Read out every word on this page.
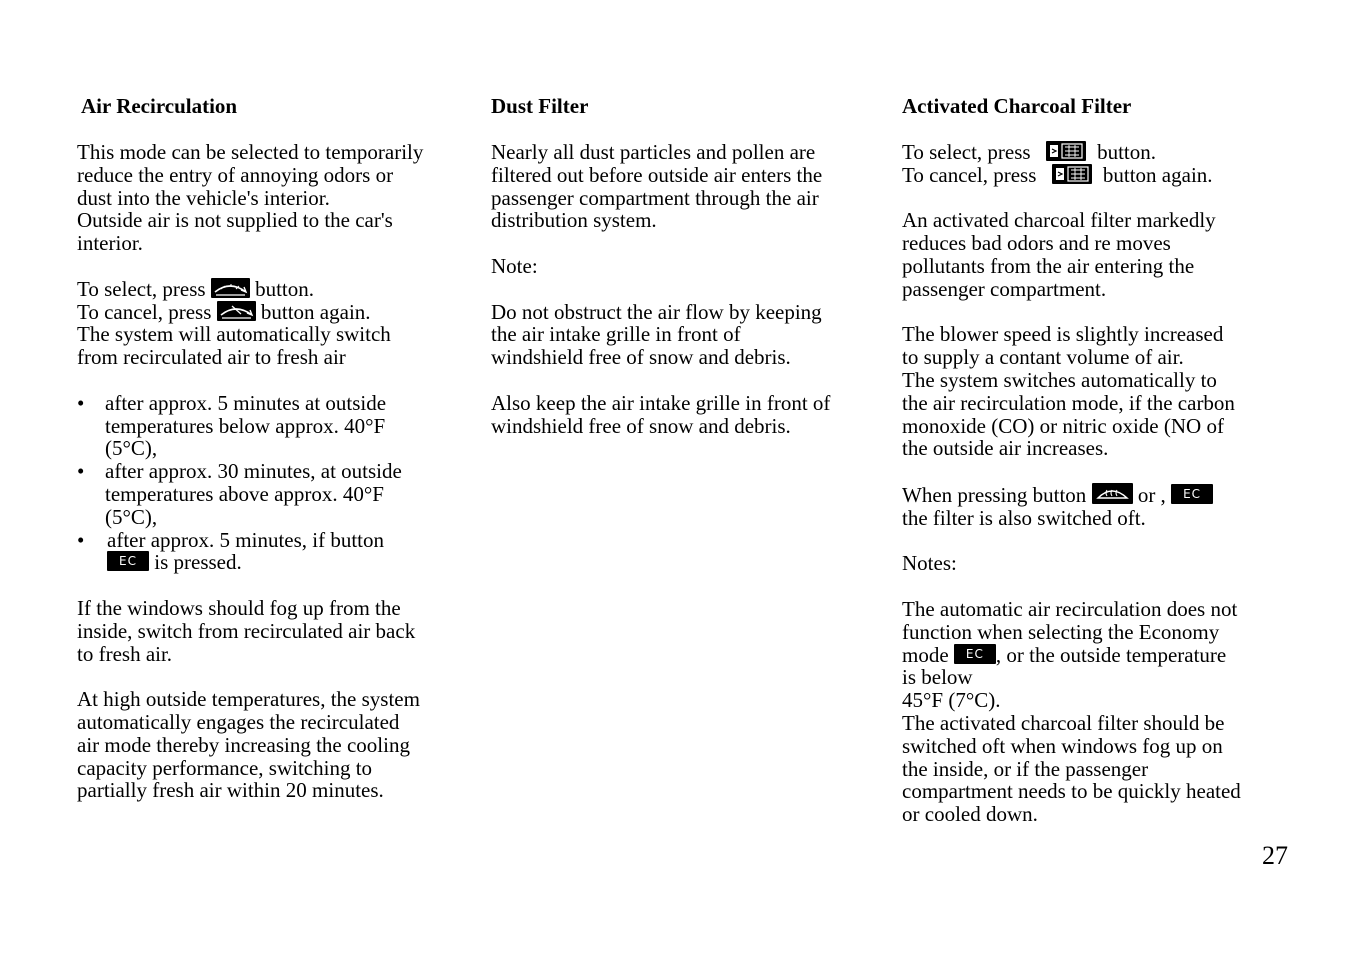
Air Recirculation

This mode can be selected to temporarily
reduce the entry of annoying odors or
dust into the vehicle's interior.
Outside air is not supplied to the car's
interior.

To select, press
button.
To cancel, press
button again.
The system will automatically switch
from recirculated air to fresh air

• after approx. 5 minutes at outside
temperatures below approx. 40°F
(5°C),
• after approx. 30 minutes, at outside
temperatures above approx. 40°F
(5°C),
• after approx. 5 minutes, if button
EC is pressed.

If the windows should fog up from the
inside, switch from recirculated air back
to fresh air.

At high outside temperatures, the system
automatically engages the recirculated
air mode thereby increasing the cooling
capacity performance, switching to
partially fresh air within 20 minutes.

Dust Filter

Nearly all dust particles and pollen are
filtered out before outside air enters the
passenger compartment through the air
distribution system.

Note:

Do not obstruct the air flow by keeping
the air intake grille in front of
windshield free of snow and debris.

Also keep the air intake grille in front of
windshield free of snow and debris.

Activated Charcoal Filter

To select, press	button.
To cancel, press	button again.

An activated charcoal filter markedly
reduces bad odors and re moves
pollutants from the air entering the
passenger compartment.

The blower speed is slightly increased
to supply a contant volume of air.
The system switches automatically to
the air recirculation mode, if the carbon
monoxide (CO) or nitric oxide (NO of
the outside air increases.

When pressing button
or , EC
the filter is also switched oft.

Notes:

The automatic air recirculation does not
function when selecting the Economy
mode EC , or the outside temperature
is below
45°F (7°C).
The activated charcoal filter should be
switched oft when windows fog up on
the inside, or if the passenger
compartment needs to be quickly heated
or cooled down.

27
